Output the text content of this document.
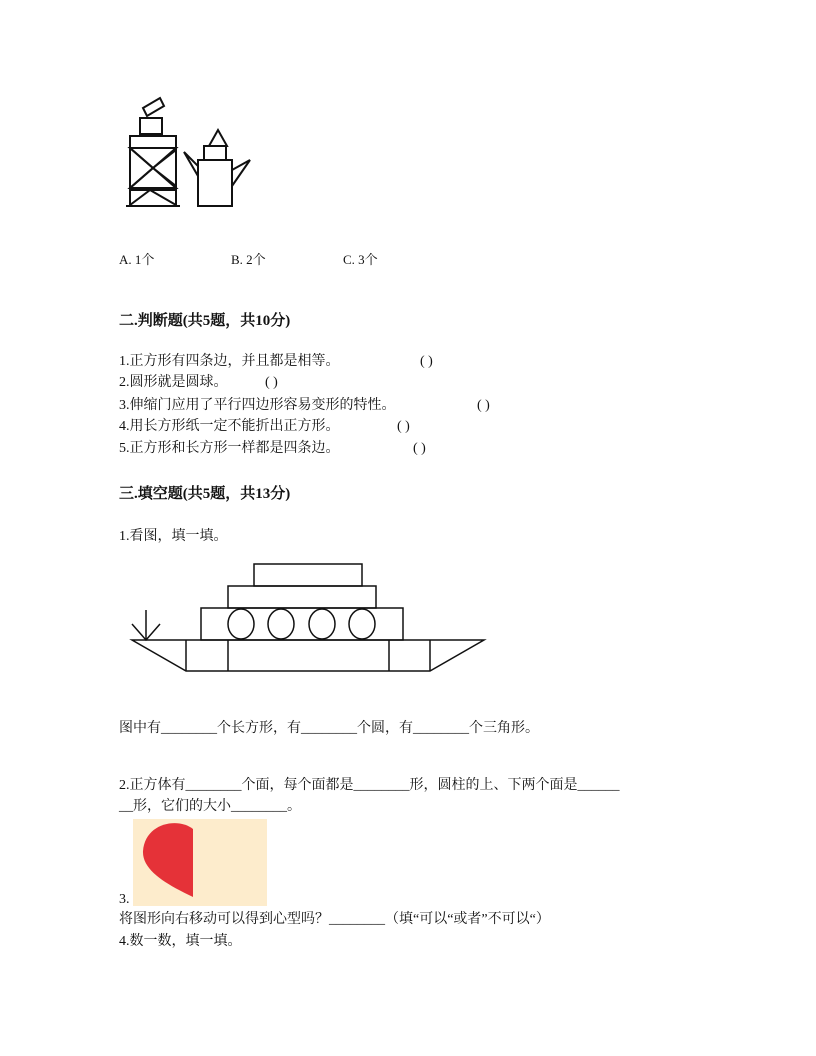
A. 1个	B. 2个	C. 3个
二.判断题(共5题，共10分)
1.正方形有四条边，并且都是相等。	( )
2.圆形就是圆球。	( )
3.伸缩门应用了平行四边形容易变形的特性。	( )
4.用长方形纸一定不能折出正方形。	( )
5.正方形和长方形一样都是四条边。	( )
三.填空题(共5题，共13分)
1.看图，填一填。
图中有________个长方形，有________个圆，有________个三角形。
2.正方体有________个面，每个面都是________形，圆柱的上、下两个面是______
__形，它们的大小________。
3.
将图形向右移动可以得到心型吗？________（填“可以“或者”不可以“）
4.数一数，填一填。
